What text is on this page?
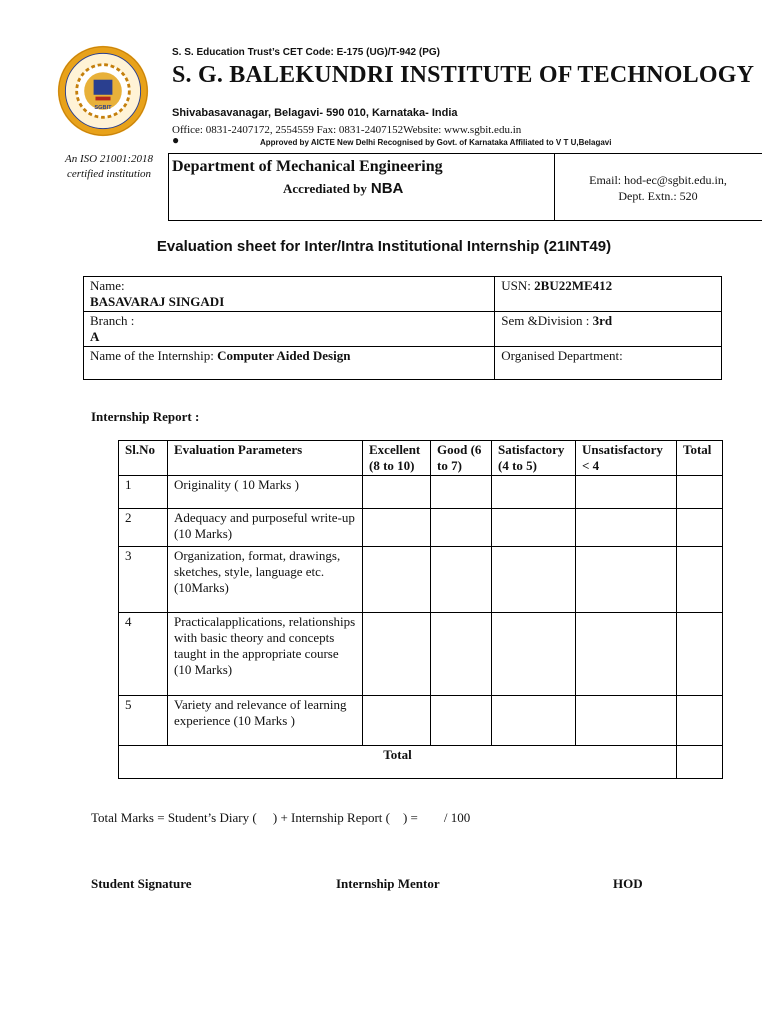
SGBIT
S. S. Education Trust’s CET Code: E-175 (UG)/T-942 (PG)
S. G. BALEKUNDRI INSTITUTE OF TECHNOLOGY
Shivabasavanagar, Belagavi- 590 010, Karnataka- India
Office: 0831-2407172, 2554559 Fax: 0831-2407152Website: www.sgbit.edu.in
●	Approved by AICTE New Delhi Recognised by Govt. of Karnataka Affiliated to V T U,Belagavi
An ISO 21001:2018 certified institution	Department of Mechanical Engineering
Accrediated by NBA	Email: hod-ec@sgbit.edu.in,
Dept. Extn.: 520
Evaluation sheet for Inter/Intra Institutional Internship (21INT49)
Name:
BASAVARAJ SINGADI	USN: 2BU22ME412

Branch :
A	Sem &Division : 3rd
Name of the Internship: Computer Aided Design	Organised Department:
Internship Report :
Sl.No	Evaluation Parameters	Excellent (8 to 10)	Good (6 to 7)	Satisfactory (4 to 5)	Unsatisfactory < 4	Total
1	Originality ( 10 Marks )					
2	Adequacy and purposeful write-up (10 Marks)					
3	Organization, format, drawings, sketches, style, language etc. (10Marks)					
4	Practicalapplications, relationships with basic theory and concepts taught in the appropriate course (10 Marks)					
5	Variety and relevance of learning experience (10 Marks )					
Total						
Total Marks = Student’s Diary (     ) + Internship Report (    ) =        / 100
Student Signature	Internship Mentor	HOD
